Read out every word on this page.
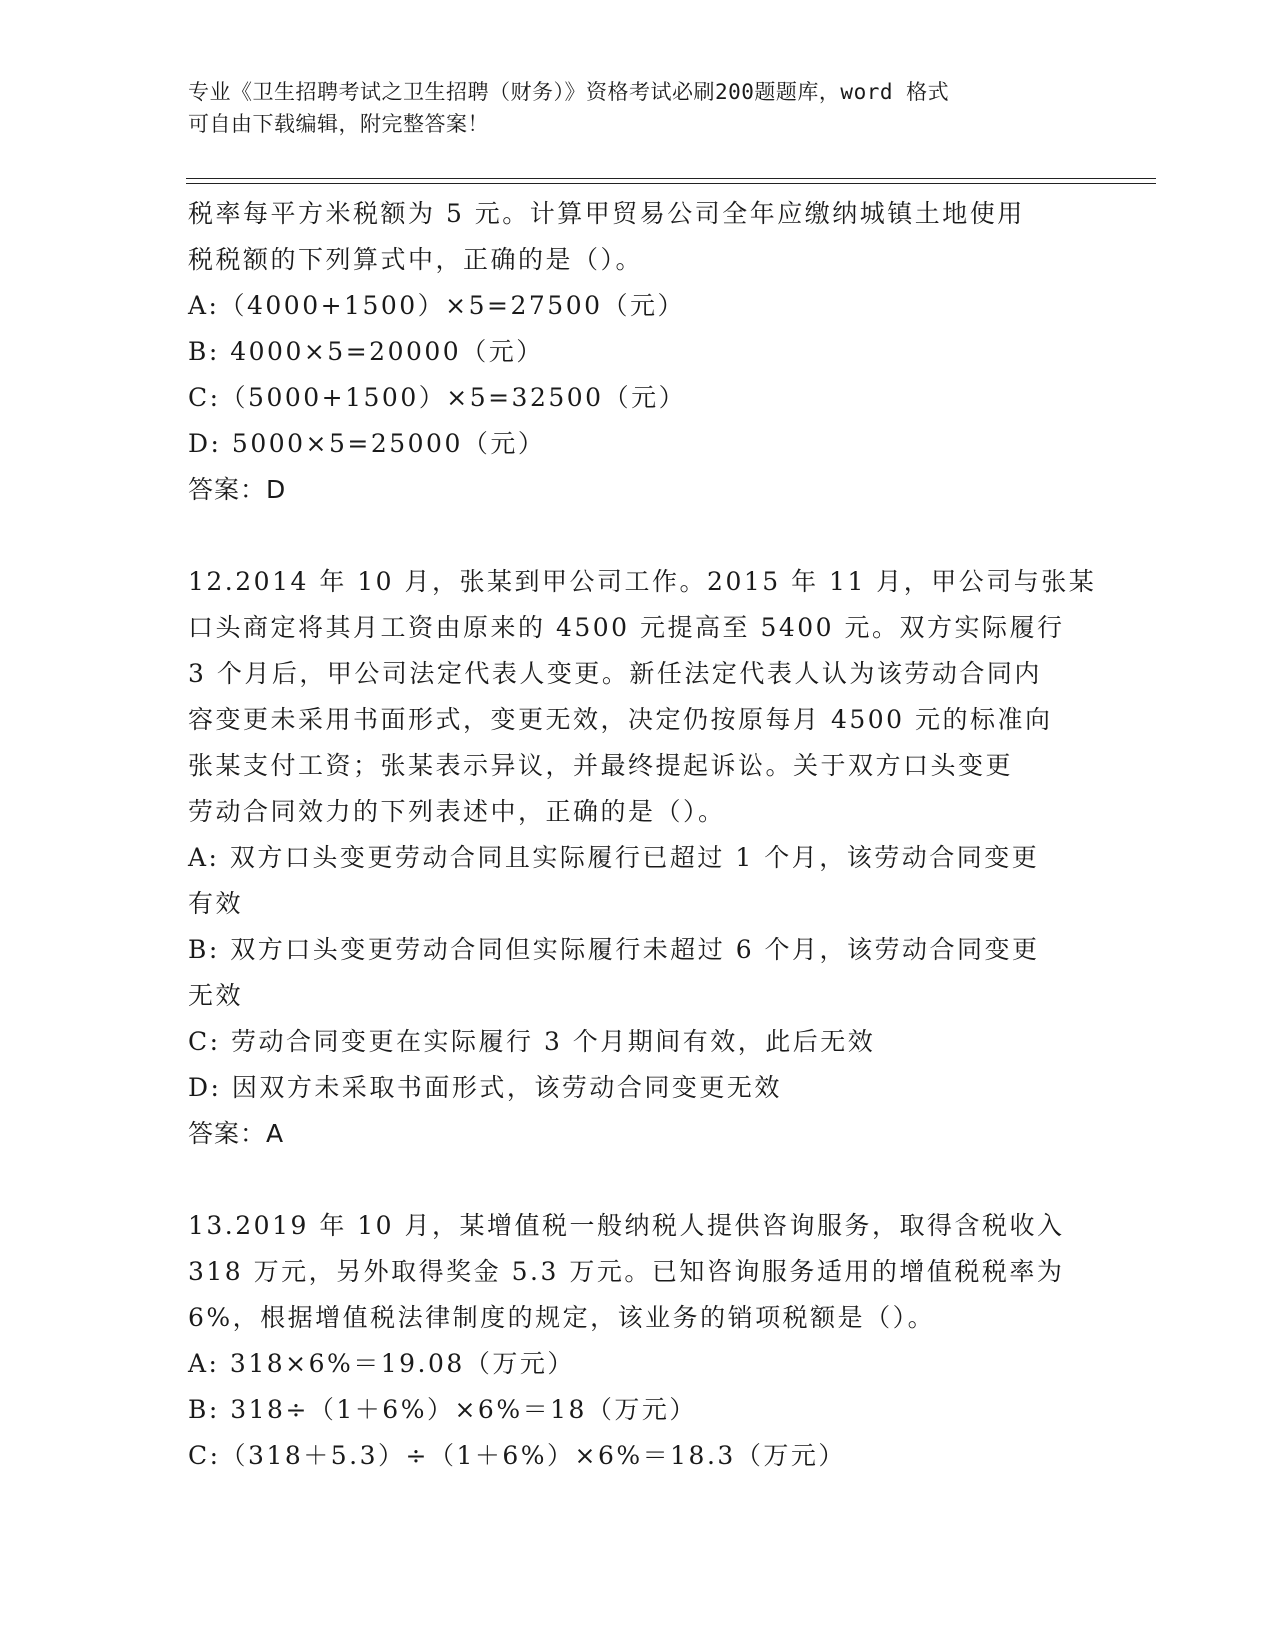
专业《卫生招聘考试之卫生招聘（财务）》资格考试必刷200题题库，word 格式
可自由下载编辑，附完整答案！
税率每平方米税额为 5 元。计算甲贸易公司全年应缴纳城镇土地使用
税税额的下列算式中，正确的是（）。
A:（4000+1500）×5=27500（元）
B: 4000×5=20000（元）
C:（5000+1500）×5=32500（元）
D: 5000×5=25000（元）
答案：D
12.2014 年 10 月，张某到甲公司工作。2015 年 11 月，甲公司与张某
口头商定将其月工资由原来的 4500 元提高至 5400 元。双方实际履行
3 个月后，甲公司法定代表人变更。新任法定代表人认为该劳动合同内
容变更未采用书面形式，变更无效，决定仍按原每月 4500 元的标准向
张某支付工资；张某表示异议，并最终提起诉讼。关于双方口头变更
劳动合同效力的下列表述中，正确的是（）。
A: 双方口头变更劳动合同且实际履行已超过 1 个月，该劳动合同变更
有效
B: 双方口头变更劳动合同但实际履行未超过 6 个月，该劳动合同变更
无效
C: 劳动合同变更在实际履行 3 个月期间有效，此后无效
D: 因双方未采取书面形式，该劳动合同变更无效
答案：A
13.2019 年 10 月，某增值税一般纳税人提供咨询服务，取得含税收入
318 万元，另外取得奖金 5.3 万元。已知咨询服务适用的增值税税率为
6%，根据增值税法律制度的规定，该业务的销项税额是（）。
A: 318×6%＝19.08（万元）
B: 318÷（1＋6%）×6%＝18（万元）
C:（318＋5.3）÷（1＋6%）×6%＝18.3（万元）
